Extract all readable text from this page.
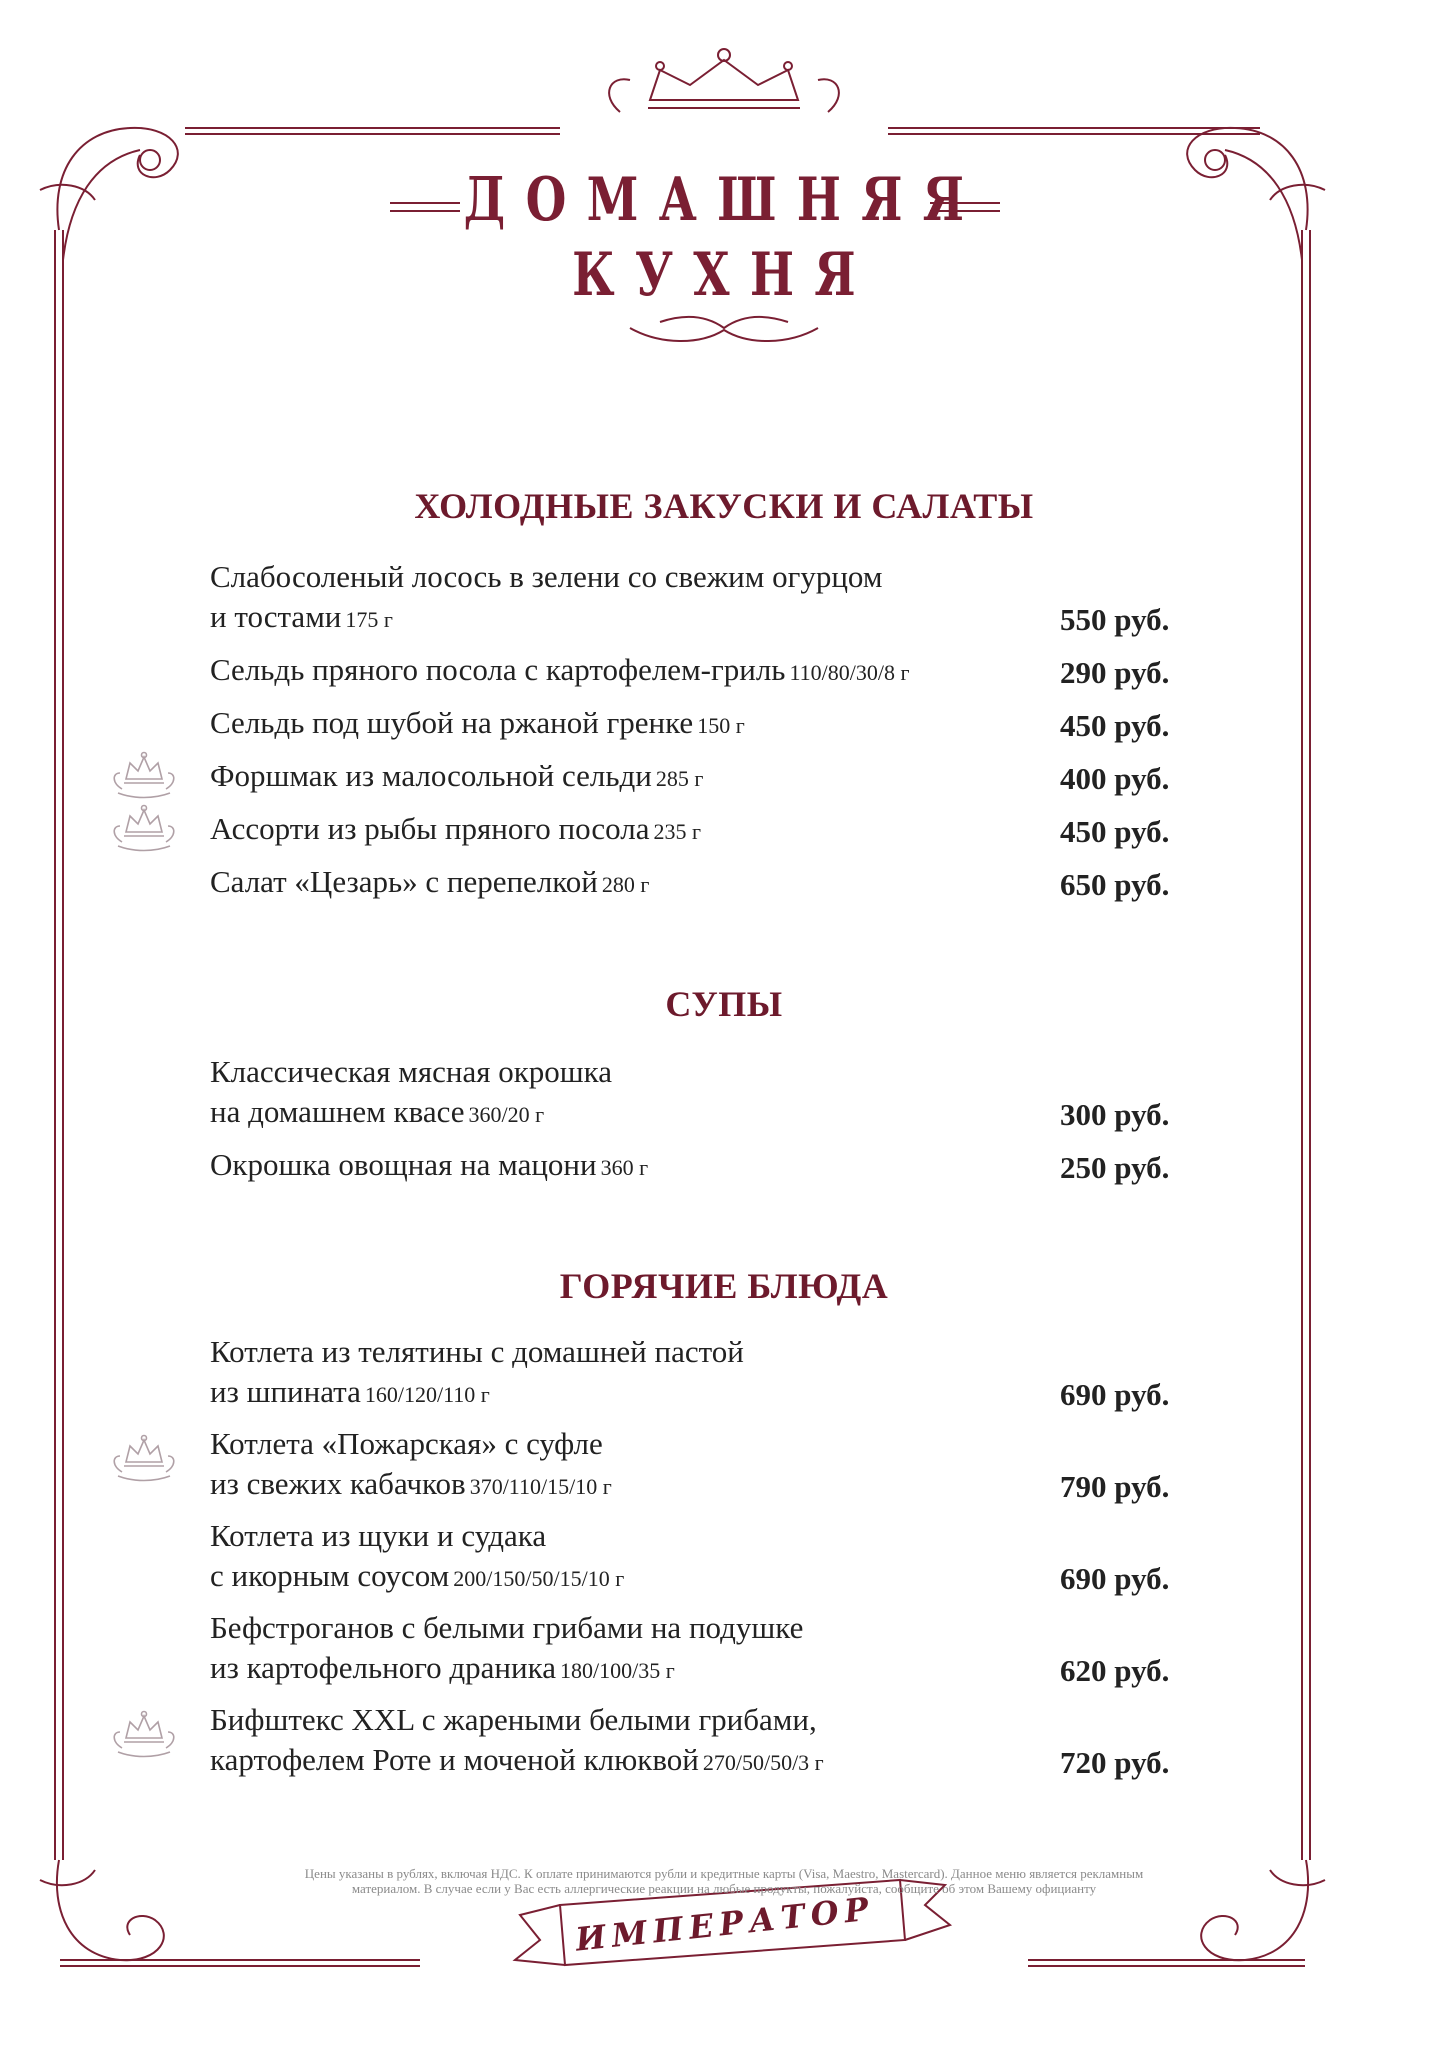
ДОМАШНЯЯ
КУХНЯ
ХОЛОДНЫЕ ЗАКУСКИ И САЛАТЫ
Слабосоленый лосось в зелени со свежим огурцом
и тостами 175 г	550 руб.
Сельдь пряного посола с картофелем-гриль 110/80/30/8 г	290 руб.
Сельдь под шубой на ржаной гренке 150 г	450 руб.
Форшмак из малосольной сельди 285 г	400 руб.
Ассорти из рыбы пряного посола 235 г	450 руб.
Салат «Цезарь» с перепелкой 280 г	650 руб.
СУПЫ
Классическая мясная окрошка
на домашнем квасе 360/20 г	300 руб.
Окрошка овощная на мацони 360 г	250 руб.
ГОРЯЧИЕ БЛЮДА
Котлета из телятины с домашней пастой
из шпината 160/120/110 г	690 руб.
Котлета «Пожарская» с суфле
из свежих кабачков 370/110/15/10 г	790 руб.
Котлета из щуки и судака
с икорным соусом 200/150/50/15/10 г	690 руб.
Бефстроганов с белыми грибами на подушке
из картофельного драника 180/100/35 г	620 руб.
Бифштекс XXL с жареными белыми грибами,
картофелем Роте и моченой клюквой 270/50/50/3 г	720 руб.
Цены указаны в рублях, включая НДС. К оплате принимаются рубли и кредитные карты (Visa, Maestro, Mastercard). Данное меню является рекламным
материалом. В случае если у Вас есть аллергические реакции на любые продукты, пожалуйста, сообщите об этом Вашему официанту
ИМПЕРАТОР
